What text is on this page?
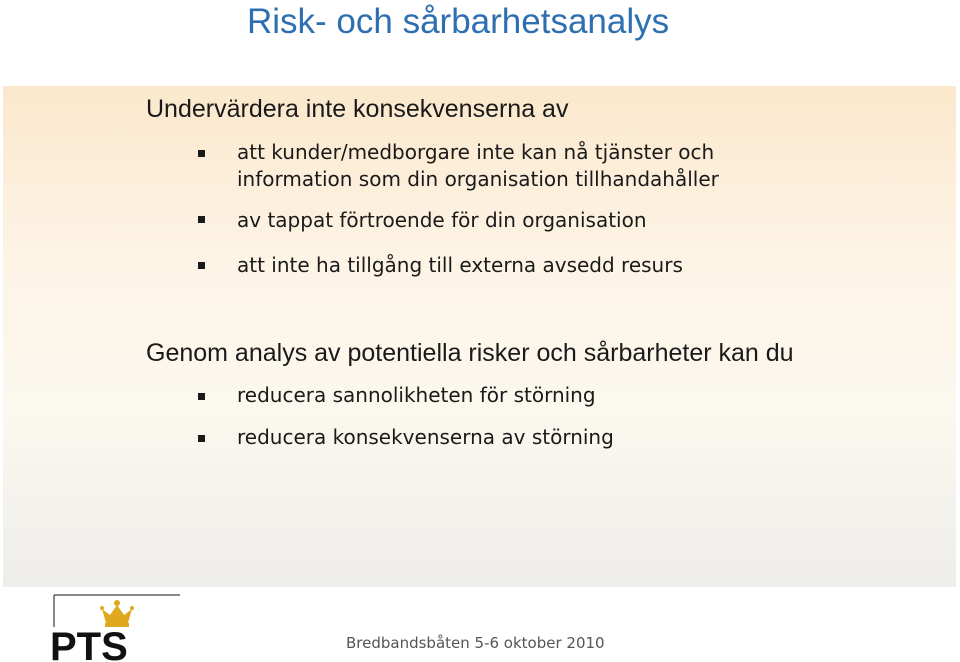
Risk- och sårbarhetsanalys
Undervärdera inte konsekvenserna av
att kunder/medborgare inte kan nå tjänster och
information som din organisation tillhandahåller
av tappat förtroende för din organisation
att inte ha tillgång till externa avsedd resurs
Genom analys av potentiella risker och sårbarheter kan du
reducera sannolikheten för störning
reducera konsekvenserna av störning
PTS	Bredbandsbåten 5-6 oktober 2010
